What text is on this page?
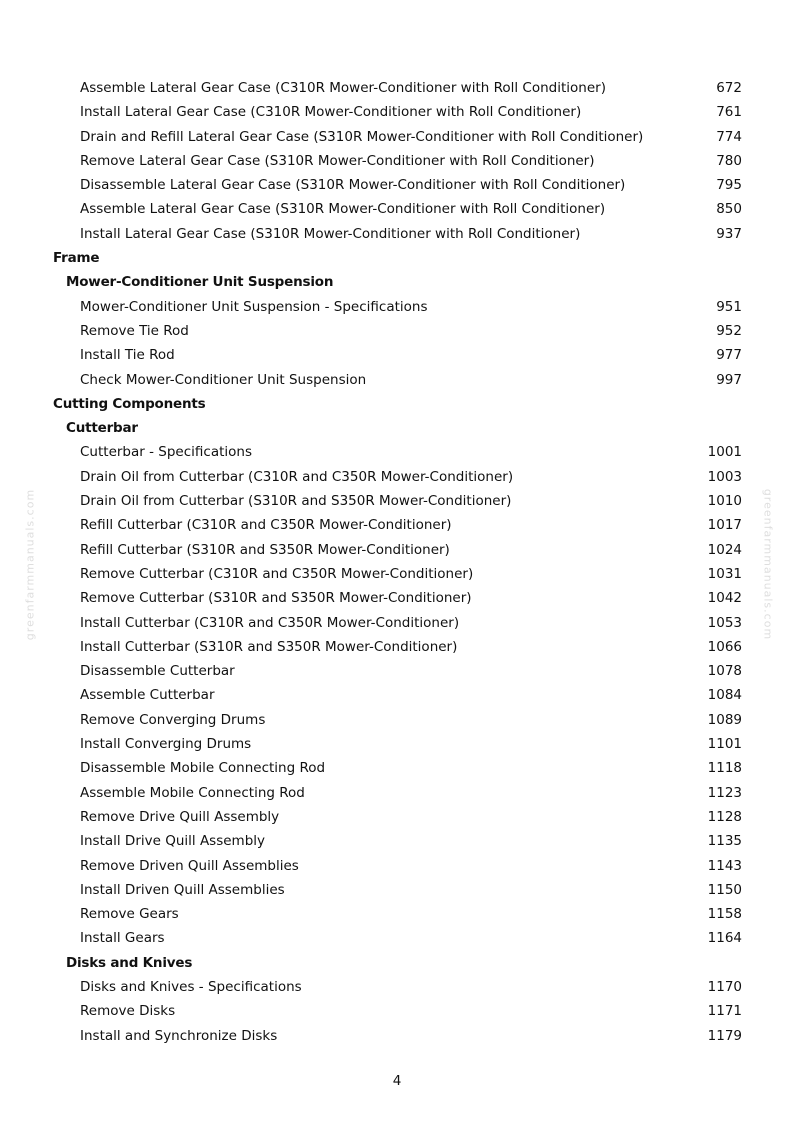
Assemble Lateral Gear Case (C310R Mower-Conditioner with Roll Conditioner)	672
Install Lateral Gear Case (C310R Mower-Conditioner with Roll Conditioner)	761
Drain and Refill Lateral Gear Case (S310R Mower-Conditioner with Roll Conditioner)	774
Remove Lateral Gear Case (S310R Mower-Conditioner with Roll Conditioner)	780
Disassemble Lateral Gear Case (S310R Mower-Conditioner with Roll Conditioner)	795
Assemble Lateral Gear Case (S310R Mower-Conditioner with Roll Conditioner)	850
Install Lateral Gear Case (S310R Mower-Conditioner with Roll Conditioner)	937
Frame
Mower-Conditioner Unit Suspension
Mower-Conditioner Unit Suspension - Specifications	951
Remove Tie Rod	952
Install Tie Rod	977
Check Mower-Conditioner Unit Suspension	997
Cutting Components
Cutterbar
Cutterbar - Specifications	1001
Drain Oil from Cutterbar (C310R and C350R Mower-Conditioner)	1003
Drain Oil from Cutterbar (S310R and S350R Mower-Conditioner)	1010
Refill Cutterbar (C310R and C350R Mower-Conditioner)	1017
Refill Cutterbar (S310R and S350R Mower-Conditioner)	1024
Remove Cutterbar (C310R and C350R Mower-Conditioner)	1031
Remove Cutterbar (S310R and S350R Mower-Conditioner)	1042
Install Cutterbar (C310R and C350R Mower-Conditioner)	1053
Install Cutterbar (S310R and S350R Mower-Conditioner)	1066
Disassemble Cutterbar	1078
Assemble Cutterbar	1084
Remove Converging Drums	1089
Install Converging Drums	1101
Disassemble Mobile Connecting Rod	1118
Assemble Mobile Connecting Rod	1123
Remove Drive Quill Assembly	1128
Install Drive Quill Assembly	1135
Remove Driven Quill Assemblies	1143
Install Driven Quill Assemblies	1150
Remove Gears	1158
Install Gears	1164
Disks and Knives
Disks and Knives - Specifications	1170
Remove Disks	1171
Install and Synchronize Disks	1179
greenfarmmanuals.com	greenfarmmanuals.com
4
